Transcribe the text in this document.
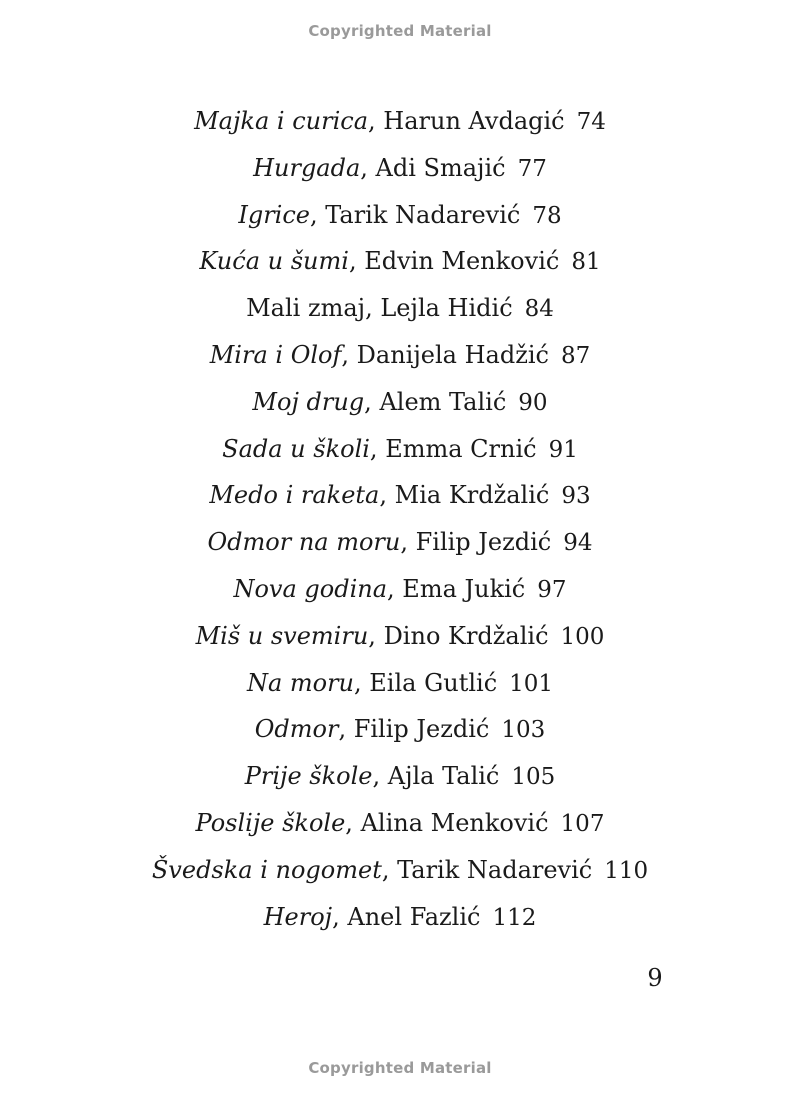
Copyrighted Material
Majka i curica, Harun Avdagić 74
Hurgada, Adi Smajić 77
Igrice, Tarik Nadarević 78
Kuća u šumi, Edvin Menković 81
Mali zmaj, Lejla Hidić 84
Mira i Olof, Danijela Hadžić 87
Moj drug, Alem Talić 90
Sada u školi, Emma Crnić 91
Medo i raketa, Mia Krdžalić 93
Odmor na moru, Filip Jezdić 94
Nova godina, Ema Jukić 97
Miš u svemiru, Dino Krdžalić 100
Na moru, Eila Gutlić 101
Odmor, Filip Jezdić 103
Prije škole, Ajla Talić 105
Poslije škole, Alina Menković 107
Švedska i nogomet, Tarik Nadarević 110
Heroj, Anel Fazlić 112
9
Copyrighted Material
